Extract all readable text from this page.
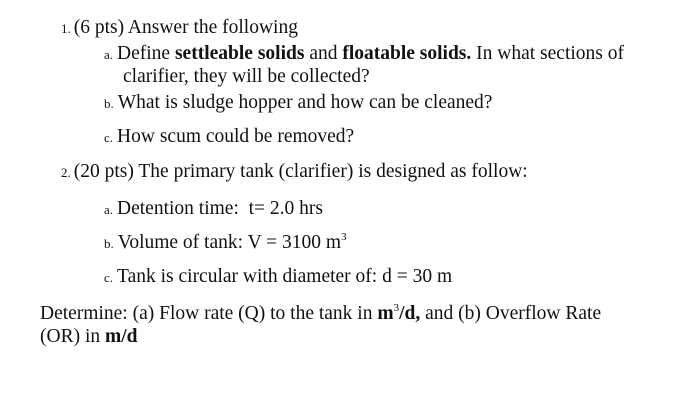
1. (6 pts) Answer the following
a. Define settleable solids and floatable solids. In what sections of
clarifier, they will be collected?
b. What is sludge hopper and how can be cleaned?
c. How scum could be removed?
2. (20 pts) The primary tank (clarifier) is designed as follow:
a. Detention time:  t= 2.0 hrs
b. Volume of tank: V = 3100 $m^3$
c. Tank is circular with diameter of: d = 30 m
Determine: (a) Flow rate (Q) to the tank in $m^3/d$, and (b) Overflow Rate
(OR) in m/d
